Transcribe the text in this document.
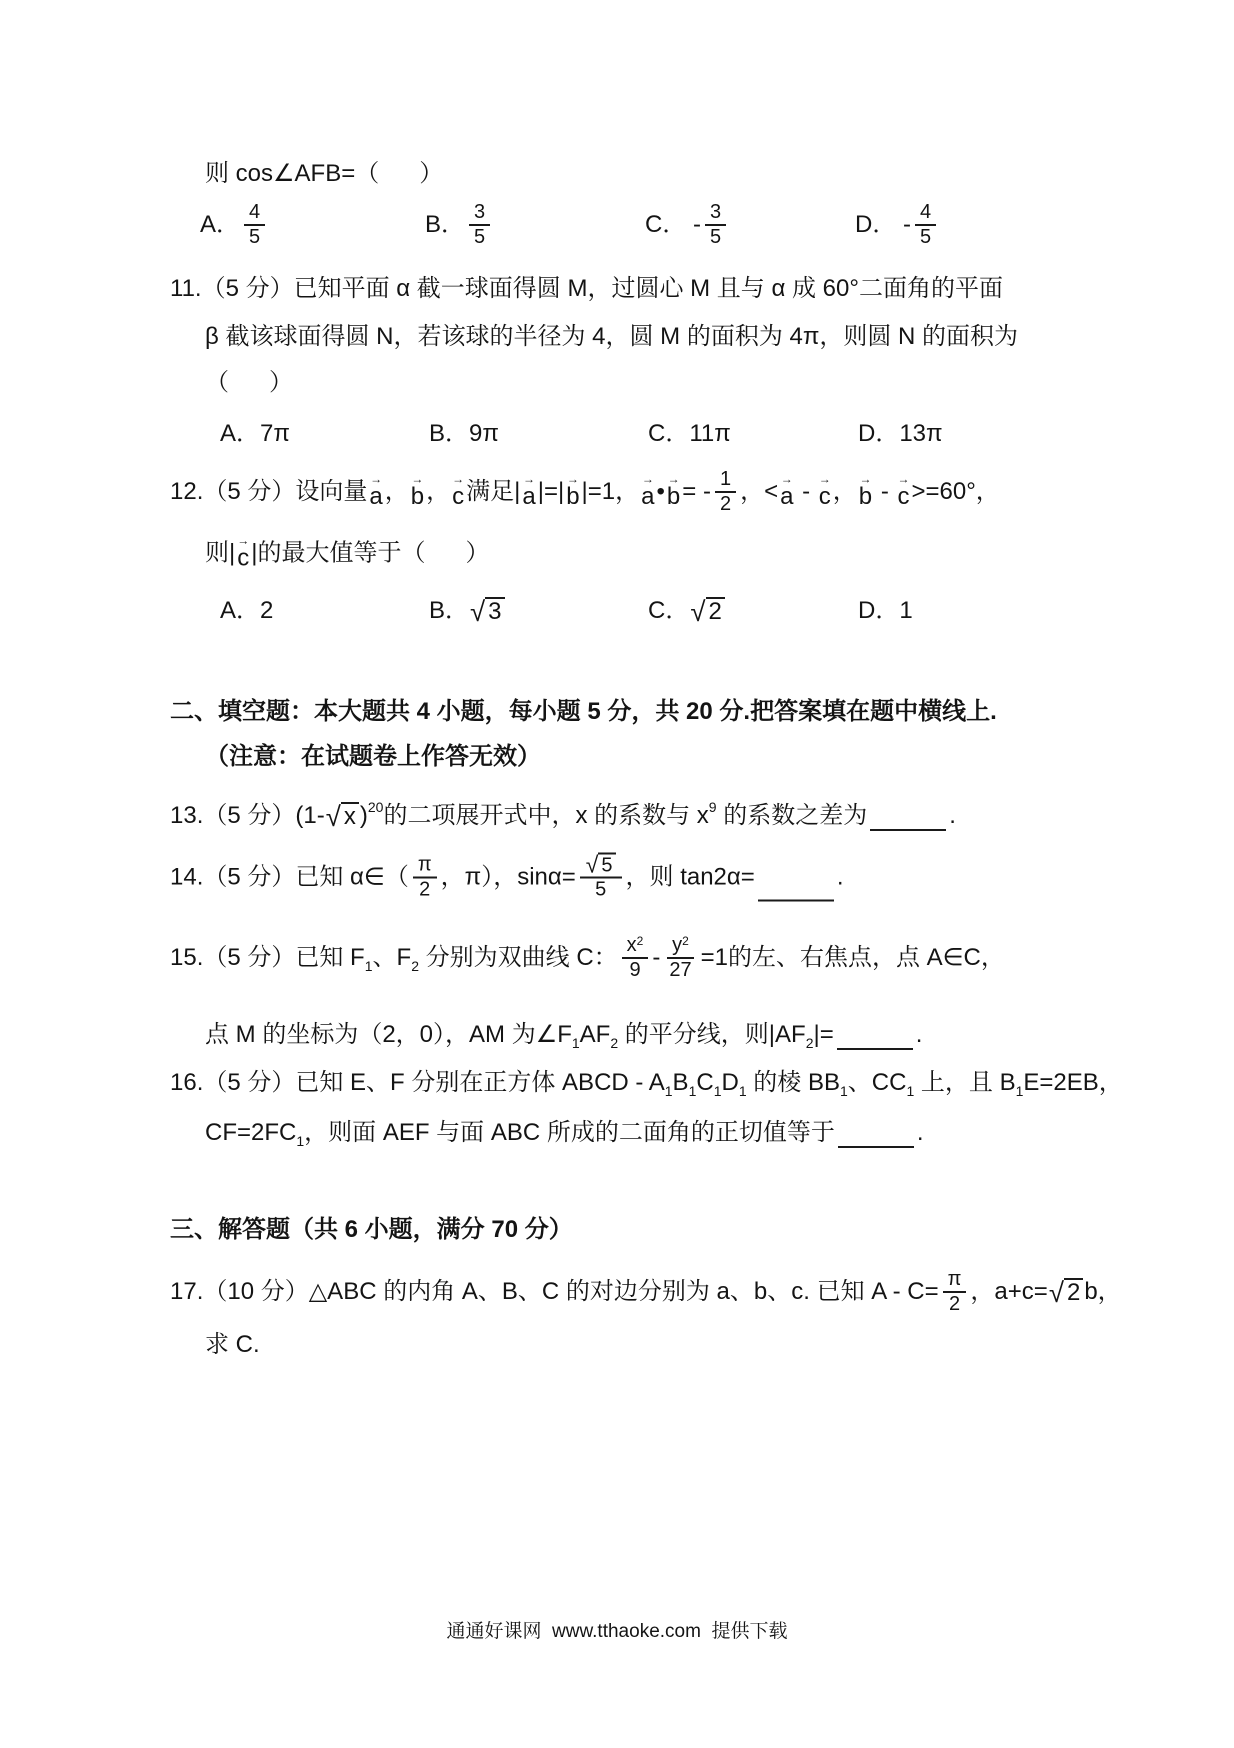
则 cos∠AFB=（      ）
A． $\frac{4}{5}$	B． $\frac{3}{5}$	C． - $\frac{3}{5}$	D． - $\frac{4}{5}$
11.（5 分）已知平面 α 截一球面得圆 M，过圆心 M 且与 α 成 60°二面角的平面
β 截该球面得圆 N，若该球的半径为 4，圆 M 的面积为 4π，则圆 N 的面积为
（      ）
A．7π	B．9π	C．11π	D．13π
12.（5 分）设向量 →
a ， →
b ， →
c 满足| →
a |=| →
b |=1， →
a • →
b = - $\frac{1}{2}$ ，< →
a - →
c ， →
b - →
c >=60°，
则| →
c |的最大值等于（      ）
A．2	B． √ 3	C． √ 2	D．1
二、填空题：本大题共 4 小题，每小题 5 分，共 20 分.把答案填在题中横线上.
（注意：在试题卷上作答无效）
13.（5 分）(1- √ x ) 20 的二项展开式中，x 的系数与 x 9 的系数之差为	.
14.（5 分）已知 α∈（ $\frac{\pi}{2}$ ，π），$\sin\alpha= \frac{√ 5}{5}$ ，则 tan2α=	.
15.（5 分）已知 F 1 、F 2 分别为双曲线 C： $\frac{x 2}{9} - \frac{y 2}{27} =1$的左、右焦点，点 A∈C，
点 M 的坐标为（2，0），AM 为∠F 1 AF 2 的平分线，则|AF 2 |=	.
16.（5 分）已知 E、F 分别在正方体 ABCD - A 1 B 1 C 1 D 1 的棱 BB 1 、CC 1 上，且 B 1 E=2EB，
CF=2FC 1 ，则面 AEF 与面 ABC 所成的二面角的正切值等于	.
三、解答题（共 6 小题，满分 70 分）
17.（10 分）△ABC 的内角 A、B、C 的对边分别为 a、b、c. 已知 $A - C= \frac{\pi}{2}$ ，a+c= √ 2 b，
求 C.
通通好课网  www.tthaoke.com  提供下载
